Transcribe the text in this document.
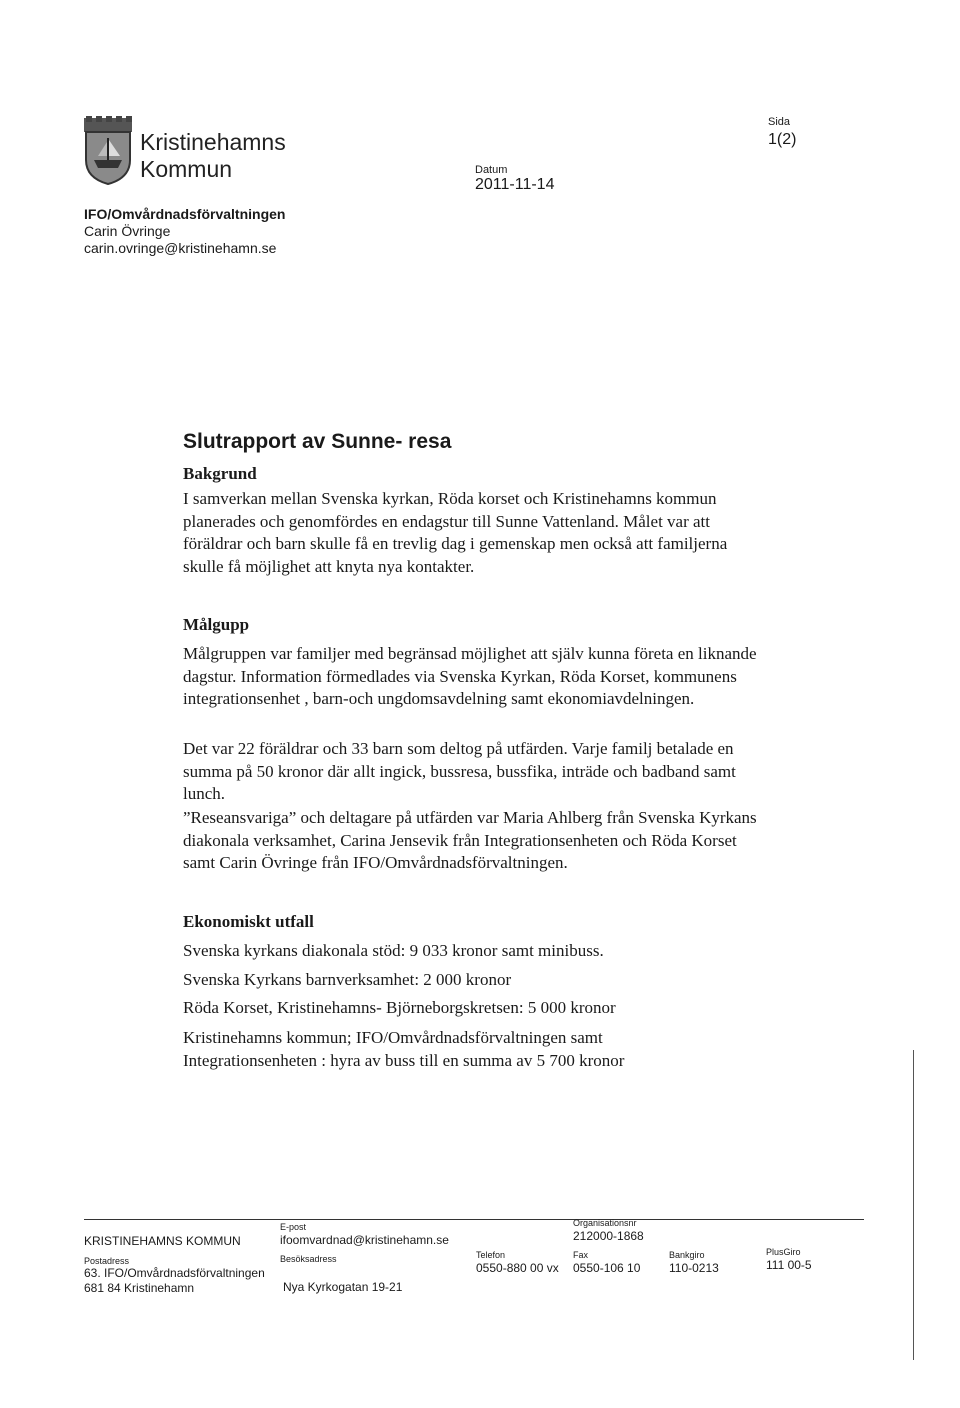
Kristinehamns
Kommun	Datum
2011-11-14
Sida
1(2)
IFO/Omvårdnadsförvaltningen
Carin Övringe
carin.ovringe@kristinehamn.se
Slutrapport av Sunne- resa
Bakgrund

I samverkan mellan Svenska kyrkan, Röda korset och Kristinehamns kommun planerades och genomfördes en endagstur till Sunne Vattenland. Målet var att föräldrar och barn skulle få en trevlig dag i gemenskap men också att familjerna skulle få möjlighet att knyta nya kontakter.

Målgupp

Målgruppen var familjer med begränsad möjlighet att själv kunna företa en liknande dagstur. Information förmedlades via Svenska Kyrkan, Röda Korset, kommunens integrationsenhet , barn-och ungdomsavdelning samt ekonomiavdelningen.

Det var 22 föräldrar och 33 barn som deltog på utfärden. Varje familj betalade en summa på 50 kronor där allt ingick, bussresa, bussfika, inträde och badband samt lunch.

”Reseansvariga” och deltagare på utfärden var Maria Ahlberg från Svenska Kyrkans diakonala verksamhet, Carina Jensevik från Integrationsenheten och Röda Korset samt Carin Övringe från IFO/Omvårdnadsförvaltningen.

Ekonomiskt utfall
Svenska kyrkans diakonala stöd: 9 033 kronor samt minibuss.
Svenska Kyrkans barnverksamhet: 2 000 kronor
Röda Korset, Kristinehamns- Björneborgskretsen: 5 000 kronor
Kristinehamns kommun; IFO/Omvårdnadsförvaltningen samt Integrationsenheten : hyra av buss till en summa av 5 700 kronor
KRISTINEHAMNS KOMMUN
Postadress
63. IFO/Omvårdnadsförvaltningen
681 84 Kristinehamn
E-post
ifoomvardnad@kristinehamn.se
Besöksadress
Nya Kyrkogatan 19-21
Telefon
0550-880 00 vx
Organisationsnr
212000-1868
Fax
0550-106 10
Bankgiro
110-0213
PlusGiro
111 00-5
